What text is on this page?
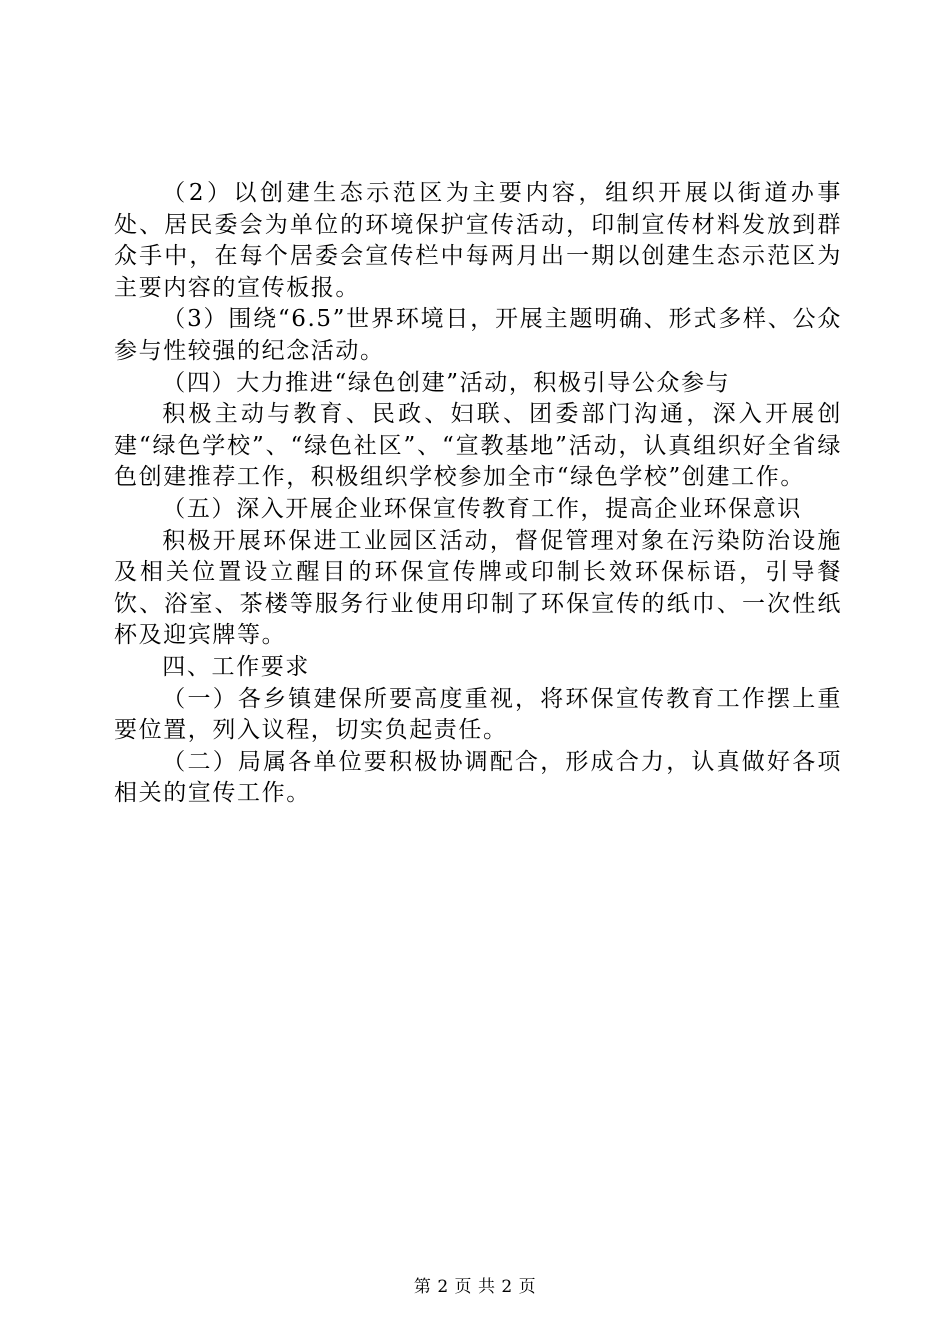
（2）以创建生态示范区为主要内容，组织开展以街道办事处、居民委会为单位的环境保护宣传活动，印制宣传材料发放到群众手中，在每个居委会宣传栏中每两月出一期以创建生态示范区为主要内容的宣传板报。

（3）围绕“6.5”世界环境日，开展主题明确、形式多样、公众参与性较强的纪念活动。

（四）大力推进“绿色创建”活动，积极引导公众参与

积极主动与教育、民政、妇联、团委部门沟通，深入开展创建“绿色学校”、“绿色社区”、“宣教基地”活动，认真组织好全省绿色创建推荐工作，积极组织学校参加全市“绿色学校”创建工作。

（五）深入开展企业环保宣传教育工作，提高企业环保意识

积极开展环保进工业园区活动，督促管理对象在污染防治设施及相关位置设立醒目的环保宣传牌或印制长效环保标语，引导餐饮、浴室、茶楼等服务行业使用印制了环保宣传的纸巾、一次性纸杯及迎宾牌等。

四、工作要求

（一）各乡镇建保所要高度重视，将环保宣传教育工作摆上重要位置，列入议程，切实负起责任。

（二）局属各单位要积极协调配合，形成合力，认真做好各项相关的宣传工作。

第 2 页 共 2 页
